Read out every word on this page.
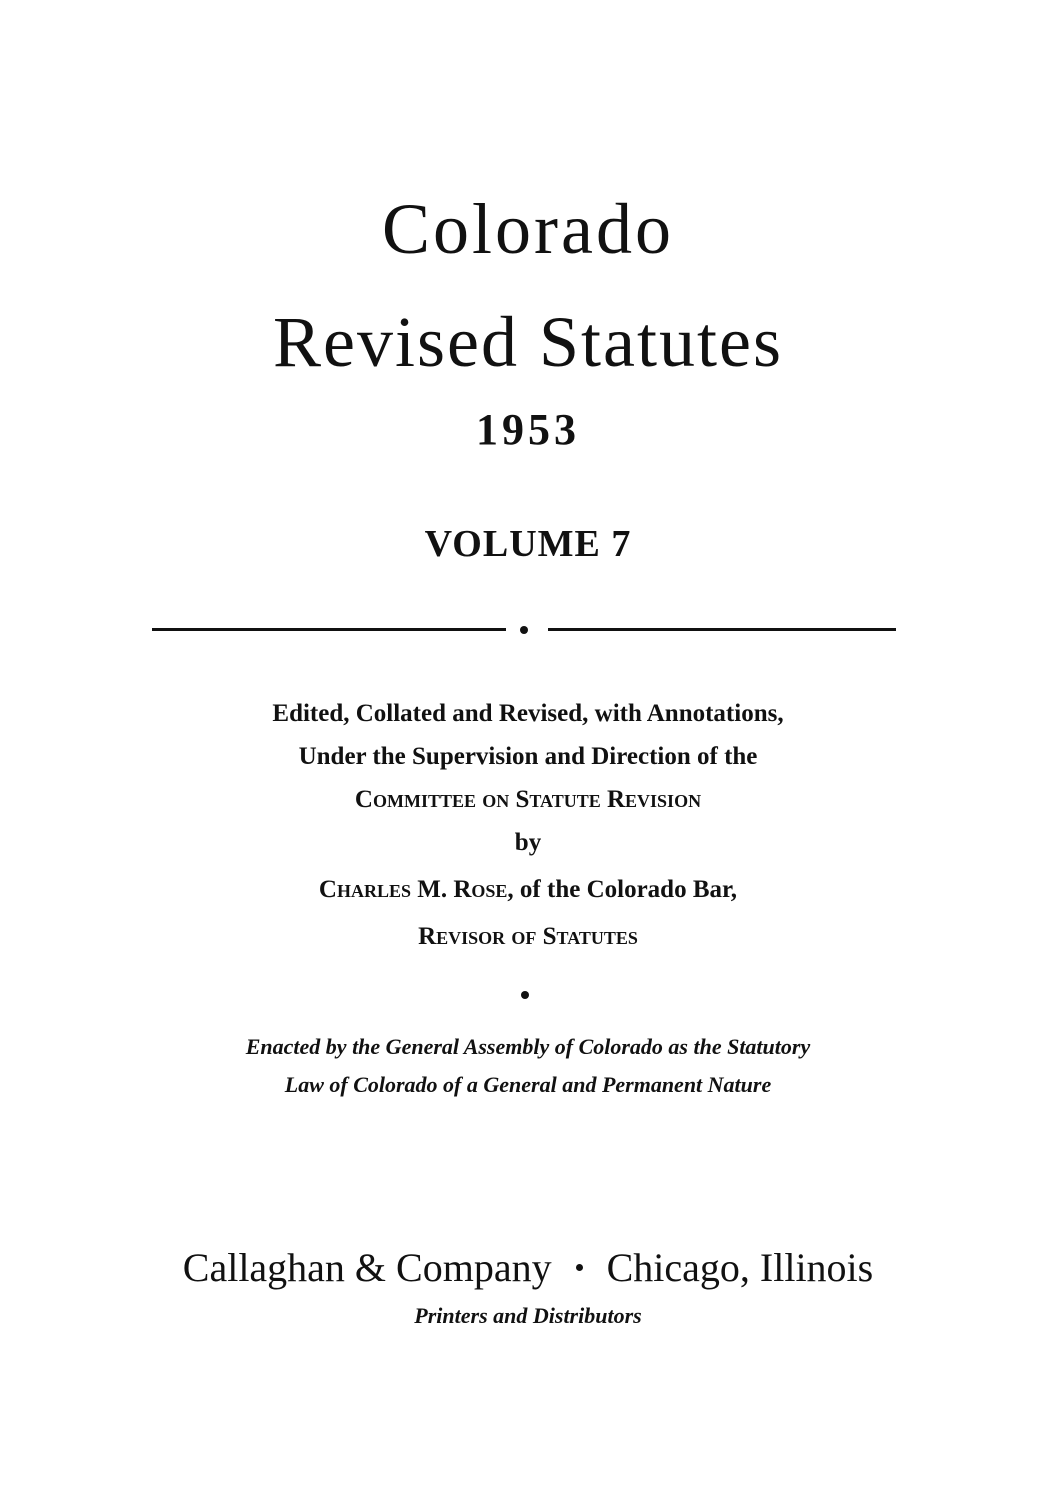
Colorado
Revised Statutes
1953
VOLUME 7
Edited, Collated and Revised, with Annotations,
Under the Supervision and Direction of the
Committee on Statute Revision
by
Charles M. Rose, of the Colorado Bar,
Revisor of Statutes
Enacted by the General Assembly of Colorado as the Statutory
Law of Colorado of a General and Permanent Nature
Callaghan & Company Chicago, Illinois
Printers and Distributors
